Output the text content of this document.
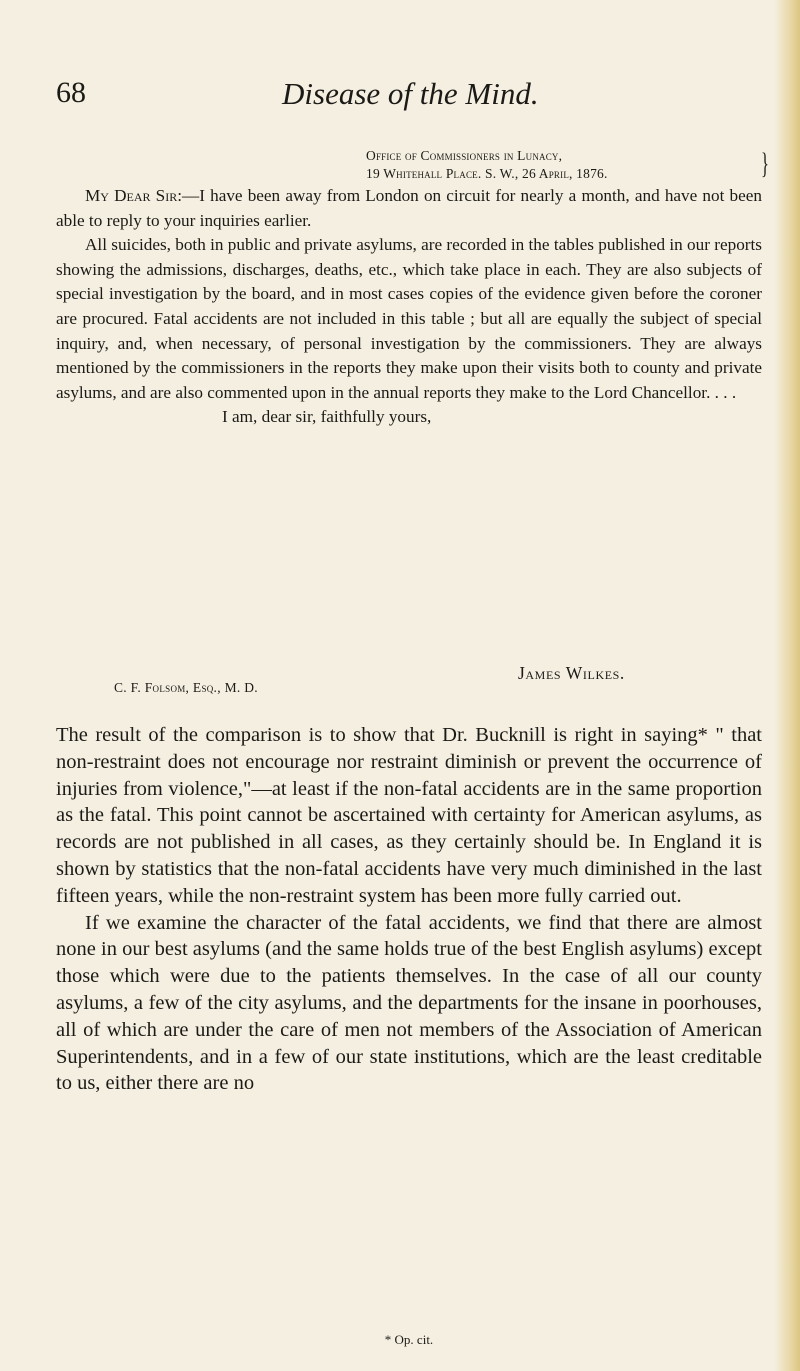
68	Disease of the Mind.
Office of Commissioners in Lunacy,
19 Whitehall Place. S. W., 26 April, 1876.	}

My Dear Sir:—I have been away from London on circuit for nearly a month, and have not been able to reply to your inquiries earlier.

All suicides, both in public and private asylums, are recorded in the tables published in our reports showing the admissions, discharges, deaths, etc., which take place in each. They are also subjects of special investigation by the board, and in most cases copies of the evidence given before the coroner are procured. Fatal accidents are not included in this table ; but all are equally the subject of special inquiry, and, when necessary, of personal investigation by the commissioners. They are always mentioned by the commissioners in the reports they make upon their visits both to county and private asylums, and are also commented upon in the annual reports they make to the Lord Chancellor. . . .

I am, dear sir, faithfully yours,

James Wilkes.
C. F. Folsom, Esq., M. D.

The result of the comparison is to show that Dr. Bucknill is right in saying* " that non-restraint does not encourage nor restraint diminish or prevent the occurrence of injuries from violence,"—at least if the non-fatal accidents are in the same proportion as the fatal. This point cannot be ascertained with certainty for American asylums, as records are not published in all cases, as they certainly should be. In England it is shown by statistics that the non-fatal accidents have very much diminished in the last fifteen years, while the non-restraint system has been more fully carried out.

If we examine the character of the fatal accidents, we find that there are almost none in our best asylums (and the same holds true of the best English asylums) except those which were due to the patients themselves. In the case of all our county asylums, a few of the city asylums, and the departments for the insane in poorhouses, all of which are under the care of men not members of the Association of American Superintendents, and in a few of our state institutions, which are the least creditable to us, either there are no

* Op. cit.
